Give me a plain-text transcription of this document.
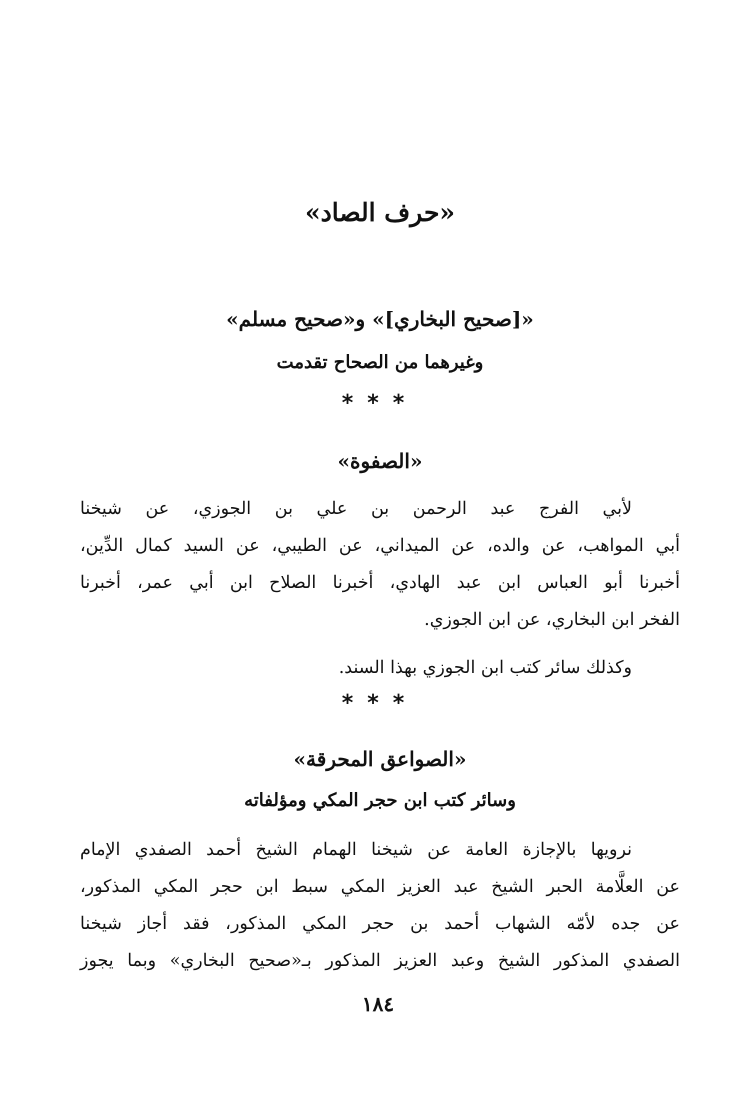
«حرف الصاد»
«[صحيح البخاري]» و«صحيح مسلم»
وغيرهما من الصحاح تقدمت
***
«الصفوة»
لأبي الفرج عبد الرحمن بن علي بن الجوزي، عن شيخنا
أبي المواهب، عن والده، عن الميداني، عن الطيبي، عن السيد كمال الدِّين،
أخبرنا أبو العباس ابن عبد الهادي، أخبرنا الصلاح ابن أبي عمر، أخبرنا
الفخر ابن البخاري، عن ابن الجوزي.
وكذلك سائر كتب ابن الجوزي بهذا السند.
***
«الصواعق المحرقة»
وسائر كتب ابن حجر المكي ومؤلفاته
نرويها بالإجازة العامة عن شيخنا الهمام الشيخ أحمد الصفدي الإمام
عن العلَّامة الحبر الشيخ عبد العزيز المكي سبط ابن حجر المكي المذكور،
عن جده لأمّه الشهاب أحمد بن حجر المكي المذكور، فقد أجاز شيخنا
الصفدي المذكور الشيخ وعبد العزيز المذكور بـ«صحيح البخاري» وبما يجوز
١٨٤
